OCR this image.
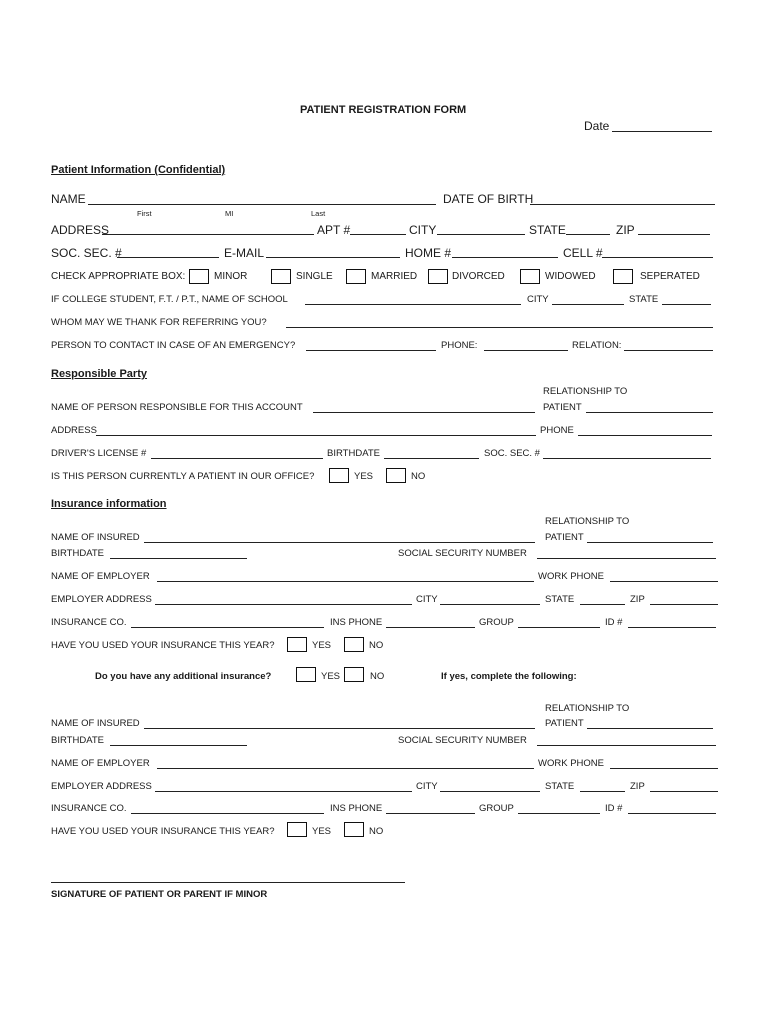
PATIENT REGISTRATION FORM
Date
Patient Information (Confidential)
NAME	DATE OF BIRTH
First	MI	Last
ADDRESS	APT #	CITY	STATE	ZIP
SOC. SEC. #	E-MAIL	HOME #	CELL #
CHECK APPROPRIATE BOX:	MINOR	SINGLE	MARRIED	DIVORCED	WIDOWED	SEPERATED
IF COLLEGE STUDENT, F.T. / P.T., NAME OF SCHOOL	CITY	STATE
WHOM MAY WE THANK FOR REFERRING YOU?
PERSON TO CONTACT IN CASE OF AN EMERGENCY?	PHONE:	RELATION:
Responsible Party
RELATIONSHIP TO
NAME OF PERSON RESPONSIBLE FOR THIS ACCOUNT	PATIENT
ADDRESS	PHONE
DRIVER'S LICENSE #	BIRTHDATE	SOC. SEC. #
IS THIS PERSON CURRENTLY A PATIENT IN OUR OFFICE?	YES	NO
Insurance information
RELATIONSHIP TO
NAME OF INSURED	PATIENT
BIRTHDATE	SOCIAL SECURITY NUMBER
NAME OF EMPLOYER	WORK PHONE
EMPLOYER ADDRESS	CITY	STATE	ZIP
INSURANCE CO.	INS PHONE	GROUP	ID #
HAVE YOU USED YOUR INSURANCE THIS YEAR?	YES	NO
Do you have any additional insurance?	YES	NO	If yes, complete the following:
RELATIONSHIP TO
NAME OF INSURED	PATIENT
BIRTHDATE	SOCIAL SECURITY NUMBER
NAME OF EMPLOYER	WORK PHONE
EMPLOYER ADDRESS	CITY	STATE	ZIP
INSURANCE CO.	INS PHONE	GROUP	ID #
HAVE YOU USED YOUR INSURANCE THIS YEAR?	YES	NO
SIGNATURE OF PATIENT OR PARENT IF MINOR
